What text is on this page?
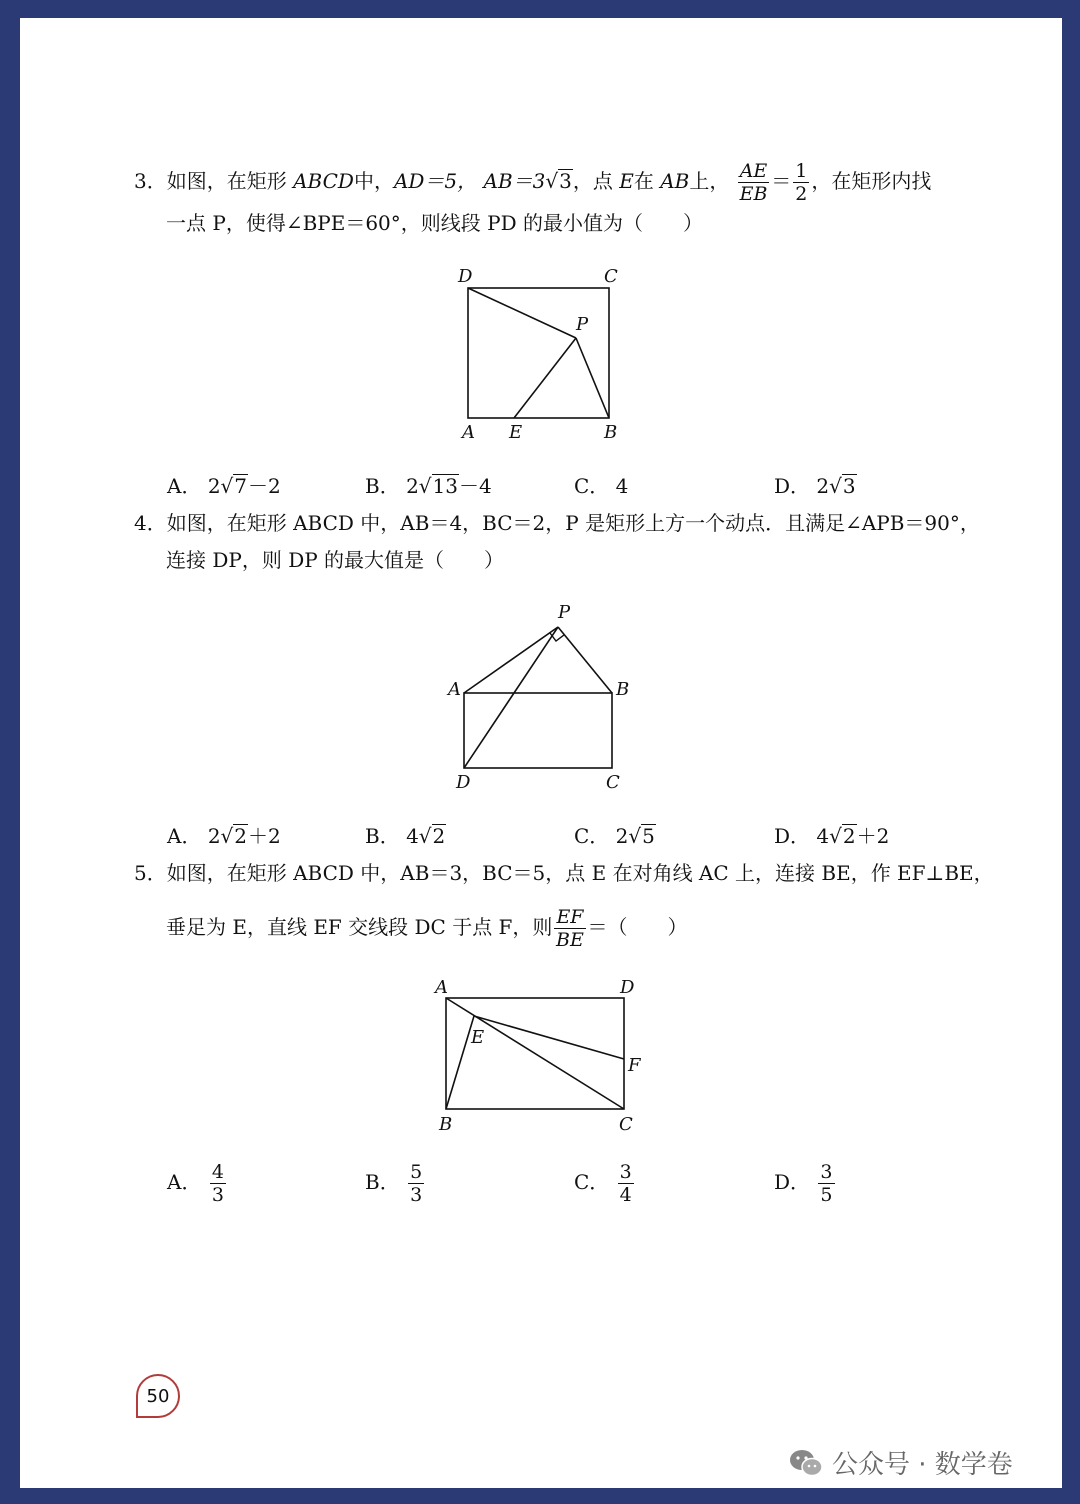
3．如图，在矩形 ABCD中，AD＝5， AB＝3√3，点 E在 AB上， $\frac{AE}{EB} = \frac{1}{2}$ ，在矩形内找
一点 P，使得∠BPE＝60°，则线段 PD 的最小值为（　　）
D	C
P
A E	B
A． 2√7－2	B． 2√13－4	C． 4	D． 2√3
4．如图，在矩形 ABCD 中，AB＝4，BC＝2，P 是矩形上方一个动点．且满足∠APB＝90°，
连接 DP，则 DP 的最大值是（　　）
P
A	B
D	C
A． 2√2＋2	B． 4√2	C． 2√5	D． 4√2＋2
5．如图，在矩形 ABCD 中，AB＝3，BC＝5，点 E 在对角线 AC 上，连接 BE，作 EF⊥BE，
垂足为 E，直线 EF 交线段 DC 于点 F，则 $\frac{EF}{BE}$ ＝（　　）
A	D
E
F
B	C
A． $\frac{4}{3}$	B． $\frac{5}{3}$	C． $\frac{3}{4}$	D． $\frac{3}{5}$
50
公众号 · 数学卷
